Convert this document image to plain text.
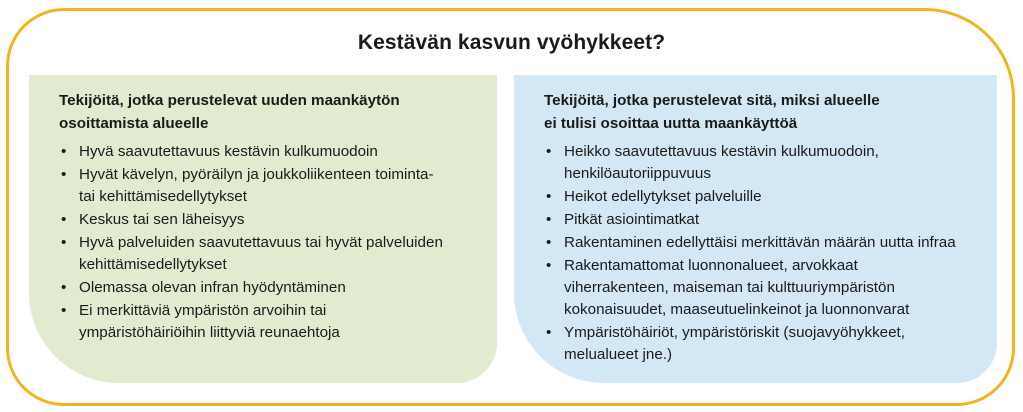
Kestävän kasvun vyöhykkeet?
Tekijöitä, jotka perustelevat uuden maankäytön
osoittamista alueelle
• Hyvä saavutettavuus kestävin kulkumuodoin
• Hyvät kävelyn, pyöräilyn ja joukkoliikenteen toiminta-
tai kehittämisedellytykset
• Keskus tai sen läheisyys
• Hyvä palveluiden saavutettavuus tai hyvät palveluiden
kehittämisedellytykset
• Olemassa olevan infran hyödyntäminen
• Ei merkittäviä ympäristön arvoihin tai
ympäristöhäiriöihin liittyviä reunaehtoja
Tekijöitä, jotka perustelevat sitä, miksi alueelle
ei tulisi osoittaa uutta maankäyttöä
• Heikko saavutettavuus kestävin kulkumuodoin,
henkilöautoriippuvuus
• Heikot edellytykset palveluille
• Pitkät asiointimatkat
• Rakentaminen edellyttäisi merkittävän määrän uutta infraa
• Rakentamattomat luonnonalueet, arvokkaat
viherrakenteen, maiseman tai kulttuuriympäristön
kokonaisuudet, maaseutuelinkeinot ja luonnonvarat
• Ympäristöhäiriöt, ympäristöriskit (suojavyöhykkeet,
melualueet jne.)
